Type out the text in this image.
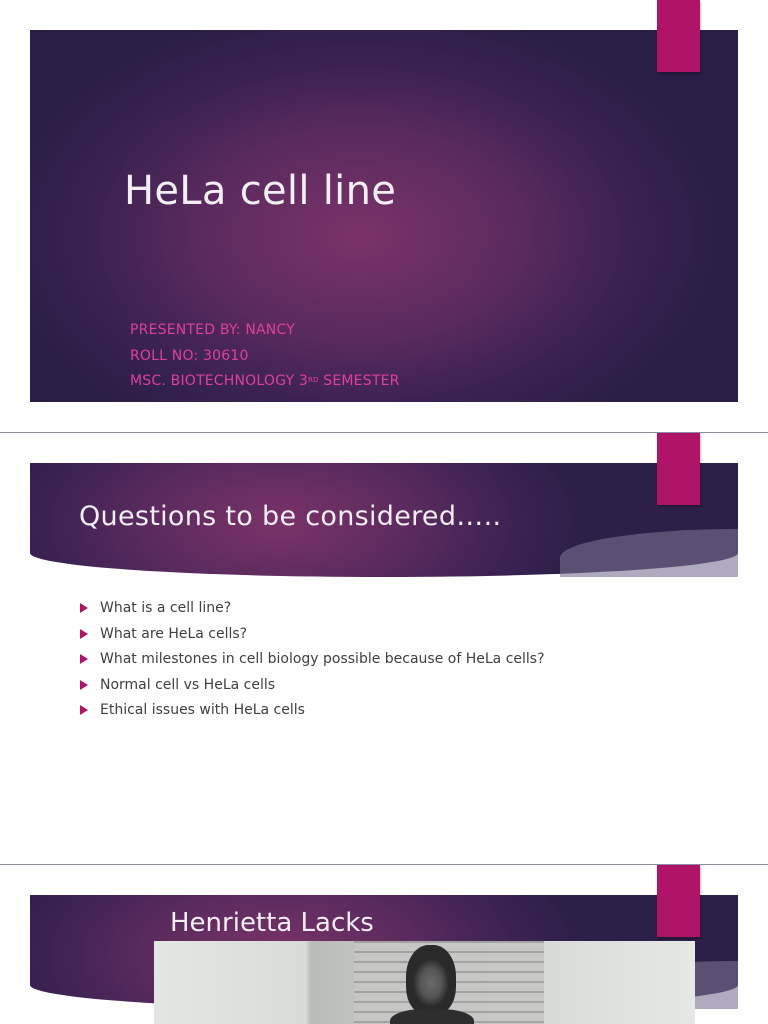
HeLa cell line
PRESENTED BY: NANCY
ROLL NO: 30610
MSC. BIOTECHNOLOGY 3RD SEMESTER
Questions to be considered…..
What is a cell line?
What are HeLa cells?
What milestones in cell biology possible because of HeLa cells?
Normal cell vs HeLa cells
Ethical issues with HeLa cells
Henrietta Lacks
